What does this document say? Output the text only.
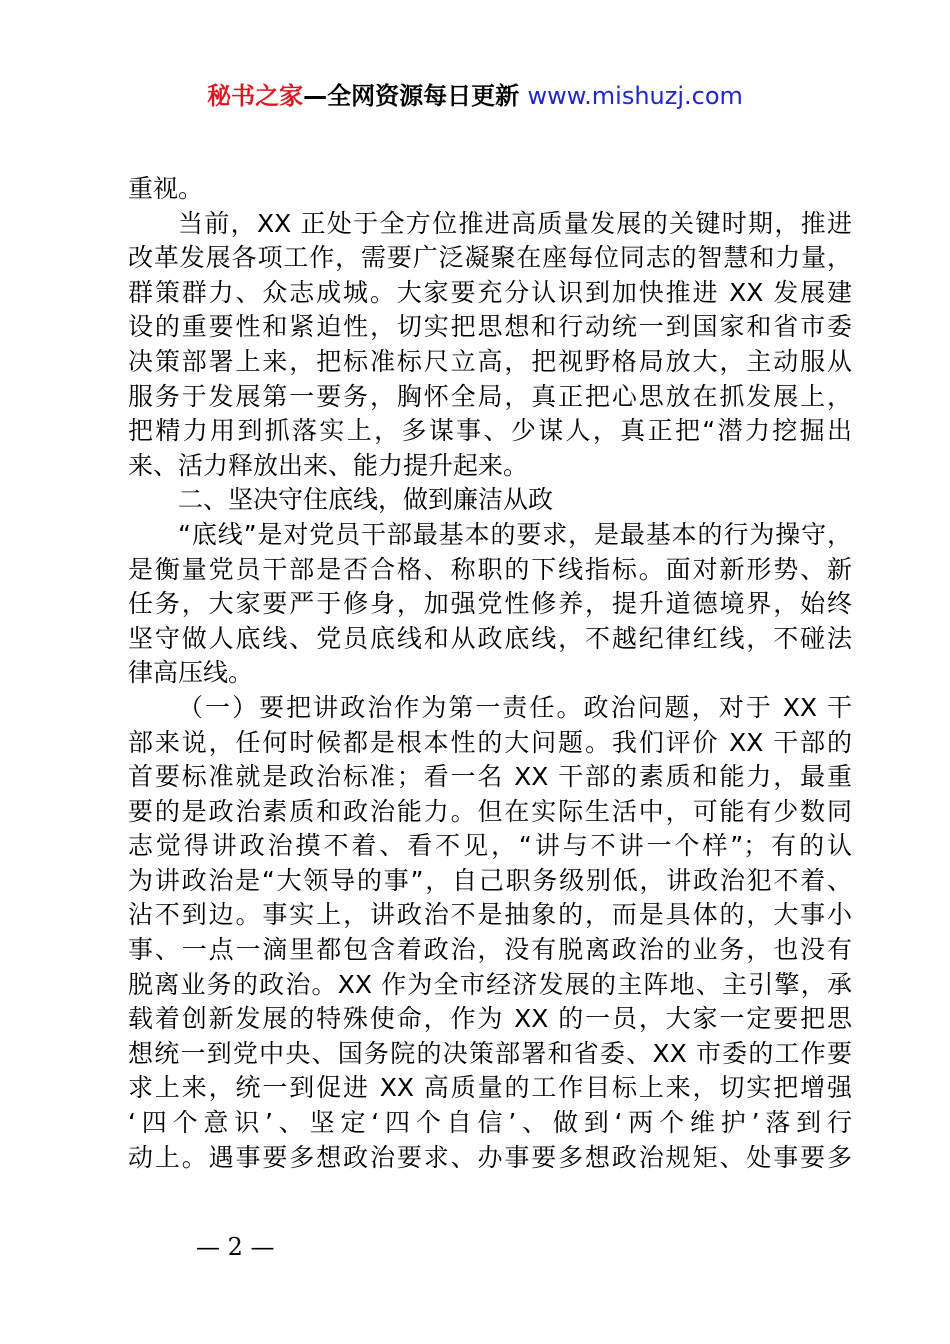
秘书之家—全网资源每日更新 www.mishuzj.com
重视。
当前，XX 正处于全方位推进高质量发展的关键时期，推进
改革发展各项工作，需要广泛凝聚在座每位同志的智慧和力量，
群策群力、众志成城。大家要充分认识到加快推进 XX 发展建
设的重要性和紧迫性，切实把思想和行动统一到国家和省市委
决策部署上来，把标准标尺立高，把视野格局放大，主动服从
服务于发展第一要务，胸怀全局，真正把心思放在抓发展上，
把精力用到抓落实上，多谋事、少谋人，真正把“潜力挖掘出
来、活力释放出来、能力提升起来。
二、坚决守住底线，做到廉洁从政
“底线”是对党员干部最基本的要求，是最基本的行为操守，
是衡量党员干部是否合格、称职的下线指标。面对新形势、新
任务，大家要严于修身，加强党性修养，提升道德境界，始终
坚守做人底线、党员底线和从政底线，不越纪律红线，不碰法
律高压线。
（一）要把讲政治作为第一责任。政治问题，对于 XX 干
部来说，任何时候都是根本性的大问题。我们评价 XX 干部的
首要标准就是政治标准；看一名 XX 干部的素质和能力，最重
要的是政治素质和政治能力。但在实际生活中，可能有少数同
志觉得讲政治摸不着、看不见，“讲与不讲一个样”；有的认
为讲政治是“大领导的事”，自己职务级别低，讲政治犯不着、
沾不到边。事实上，讲政治不是抽象的，而是具体的，大事小
事、一点一滴里都包含着政治，没有脱离政治的业务，也没有
脱离业务的政治。XX 作为全市经济发展的主阵地、主引擎，承
载着创新发展的特殊使命，作为 XX 的一员，大家一定要把思
想统一到党中央、国务院的决策部署和省委、XX 市委的工作要
求上来，统一到促进 XX 高质量的工作目标上来，切实把增强
‘四个意识’、坚定‘四个自信’、做到‘两个维护’落到行
动上。遇事要多想政治要求、办事要多想政治规矩、处事要多
— 2 —
